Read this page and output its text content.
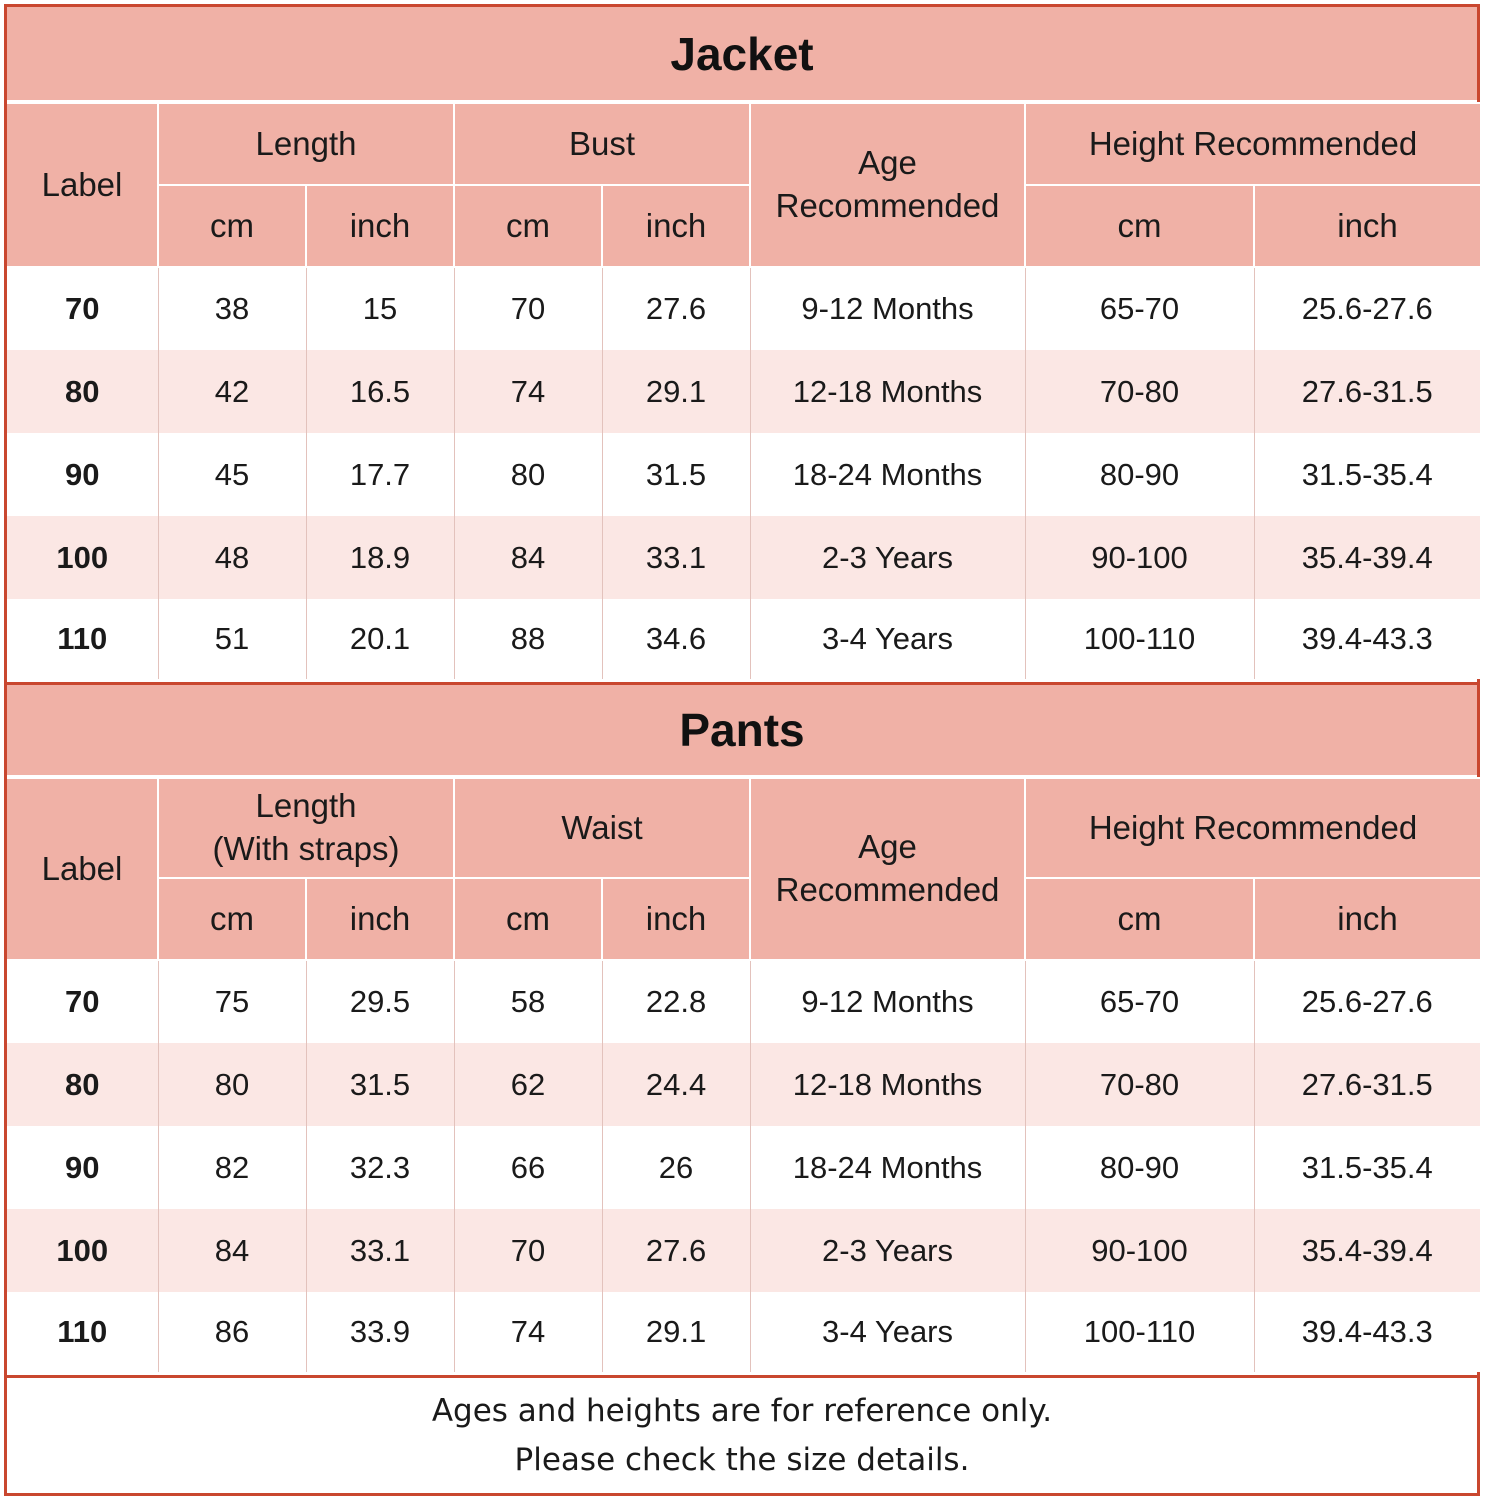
Jacket
Label	Length		Bust		Age
Recommended	Height Recommended	
	cm	inch	cm	inch		cm	inch
70	38	15	70	27.6	9-12 Months	65-70	25.6-27.6
80	42	16.5	74	29.1	12-18 Months	70-80	27.6-31.5
90	45	17.7	80	31.5	18-24 Months	80-90	31.5-35.4
100	48	18.9	84	33.1	2-3 Years	90-100	35.4-39.4
110	51	20.1	88	34.6	3-4 Years	100-110	39.4-43.3
Pants
Label	Length
(With straps)		Waist		Age
Recommended	Height Recommended	
	cm	inch	cm	inch		cm	inch
70	75	29.5	58	22.8	9-12 Months	65-70	25.6-27.6
80	80	31.5	62	24.4	12-18 Months	70-80	27.6-31.5
90	82	32.3	66	26	18-24 Months	80-90	31.5-35.4
100	84	33.1	70	27.6	2-3 Years	90-100	35.4-39.4
110	86	33.9	74	29.1	3-4 Years	100-110	39.4-43.3
Ages and heights are for reference only.
Please check the size details.
